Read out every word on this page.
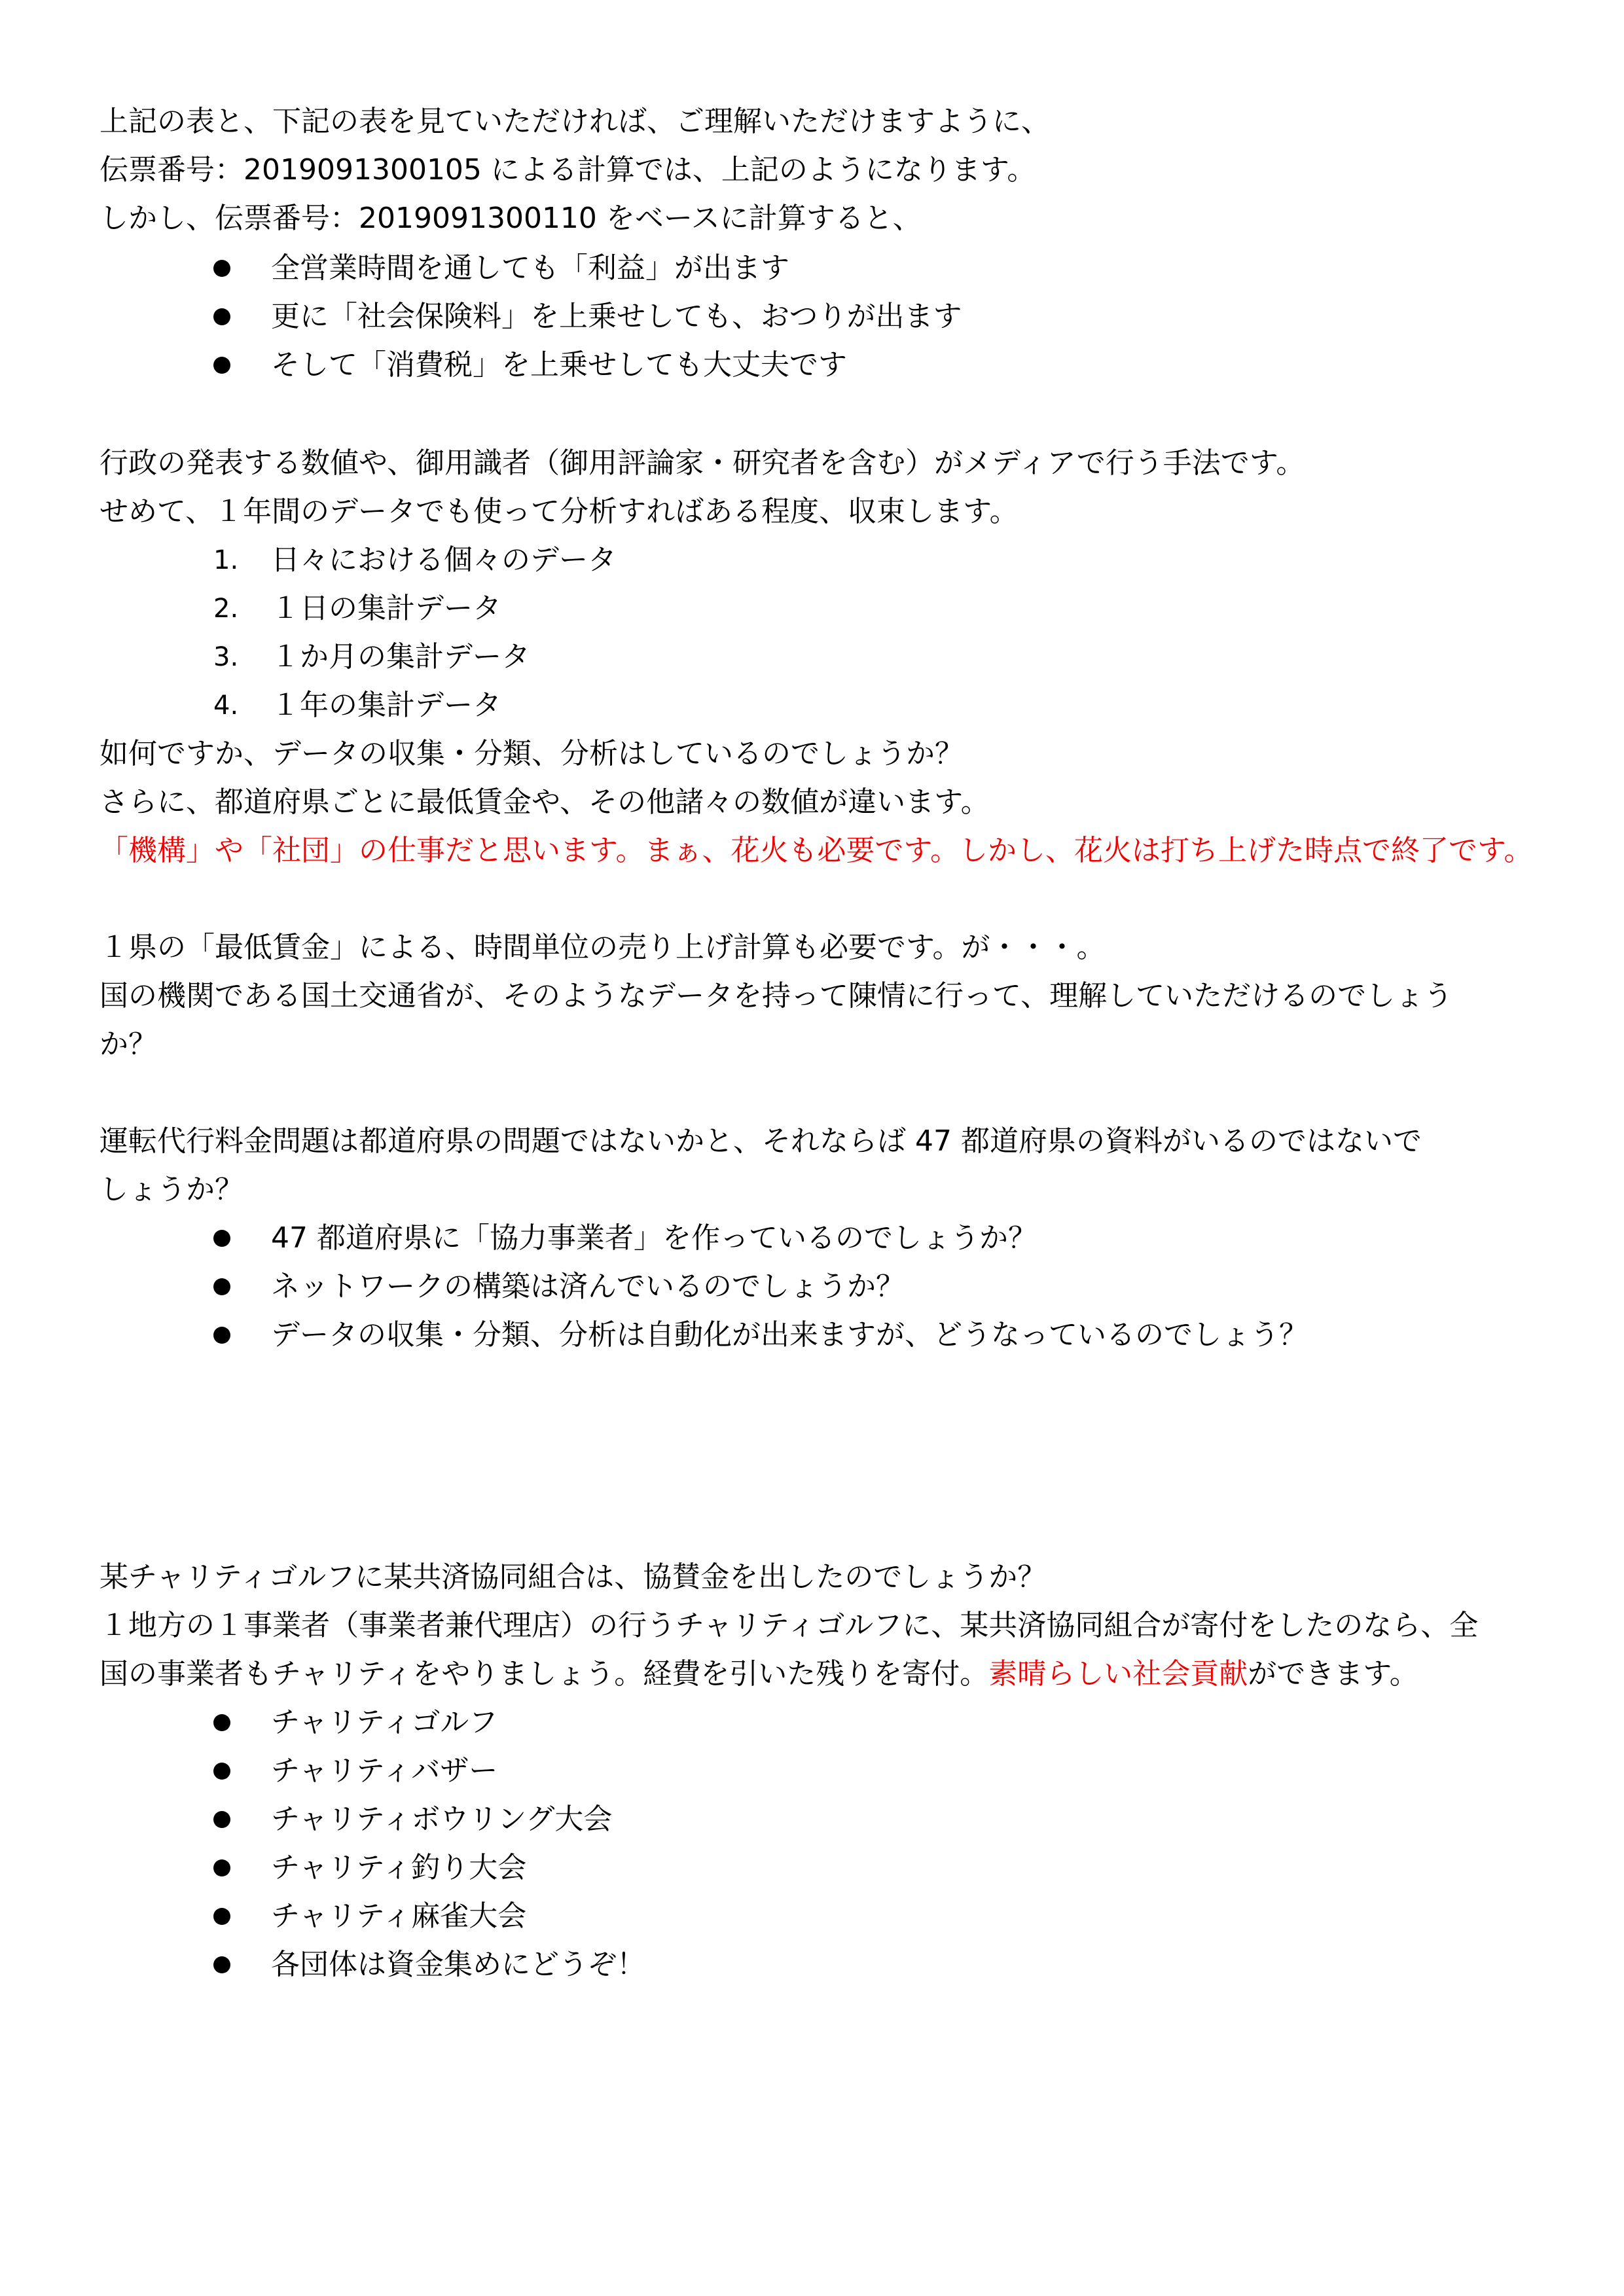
上記の表と、下記の表を見ていただければ、ご理解いただけますように、
伝票番号：2019091300105 による計算では、上記のようになります。
しかし、伝票番号：2019091300110 をベースに計算すると、
全営業時間を通しても「利益」が出ます
更に「社会保険料」を上乗せしても、おつりが出ます
そして「消費税」を上乗せしても大丈夫です
行政の発表する数値や、御用識者（御用評論家・研究者を含む）がメディアで行う手法です。
せめて、１年間のデータでも使って分析すればある程度、収束します。
1. 日々における個々のデータ
2. １日の集計データ
3. １か月の集計データ
4. １年の集計データ
如何ですか、データの収集・分類、分析はしているのでしょうか？
さらに、都道府県ごとに最低賃金や、その他諸々の数値が違います。
「機構」や「社団」の仕事だと思います。まぁ、花火も必要です。しかし、花火は打ち上げた時点で終了です。
１県の「最低賃金」による、時間単位の売り上げ計算も必要です。が・・・。
国の機関である国土交通省が、そのようなデータを持って陳情に行って、理解していただけるのでしょう
か？
運転代行料金問題は都道府県の問題ではないかと、それならば 47 都道府県の資料がいるのではないで
しょうか？
47 都道府県に「協力事業者」を作っているのでしょうか？
ネットワークの構築は済んでいるのでしょうか？
データの収集・分類、分析は自動化が出来ますが、どうなっているのでしょう？
某チャリティゴルフに某共済協同組合は、協賛金を出したのでしょうか？
１地方の１事業者（事業者兼代理店）の行うチャリティゴルフに、某共済協同組合が寄付をしたのなら、全
国の事業者もチャリティをやりましょう。経費を引いた残りを寄付。素晴らしい社会貢献ができます。
チャリティゴルフ
チャリティバザー
チャリティボウリング大会
チャリティ釣り大会
チャリティ麻雀大会
各団体は資金集めにどうぞ！
